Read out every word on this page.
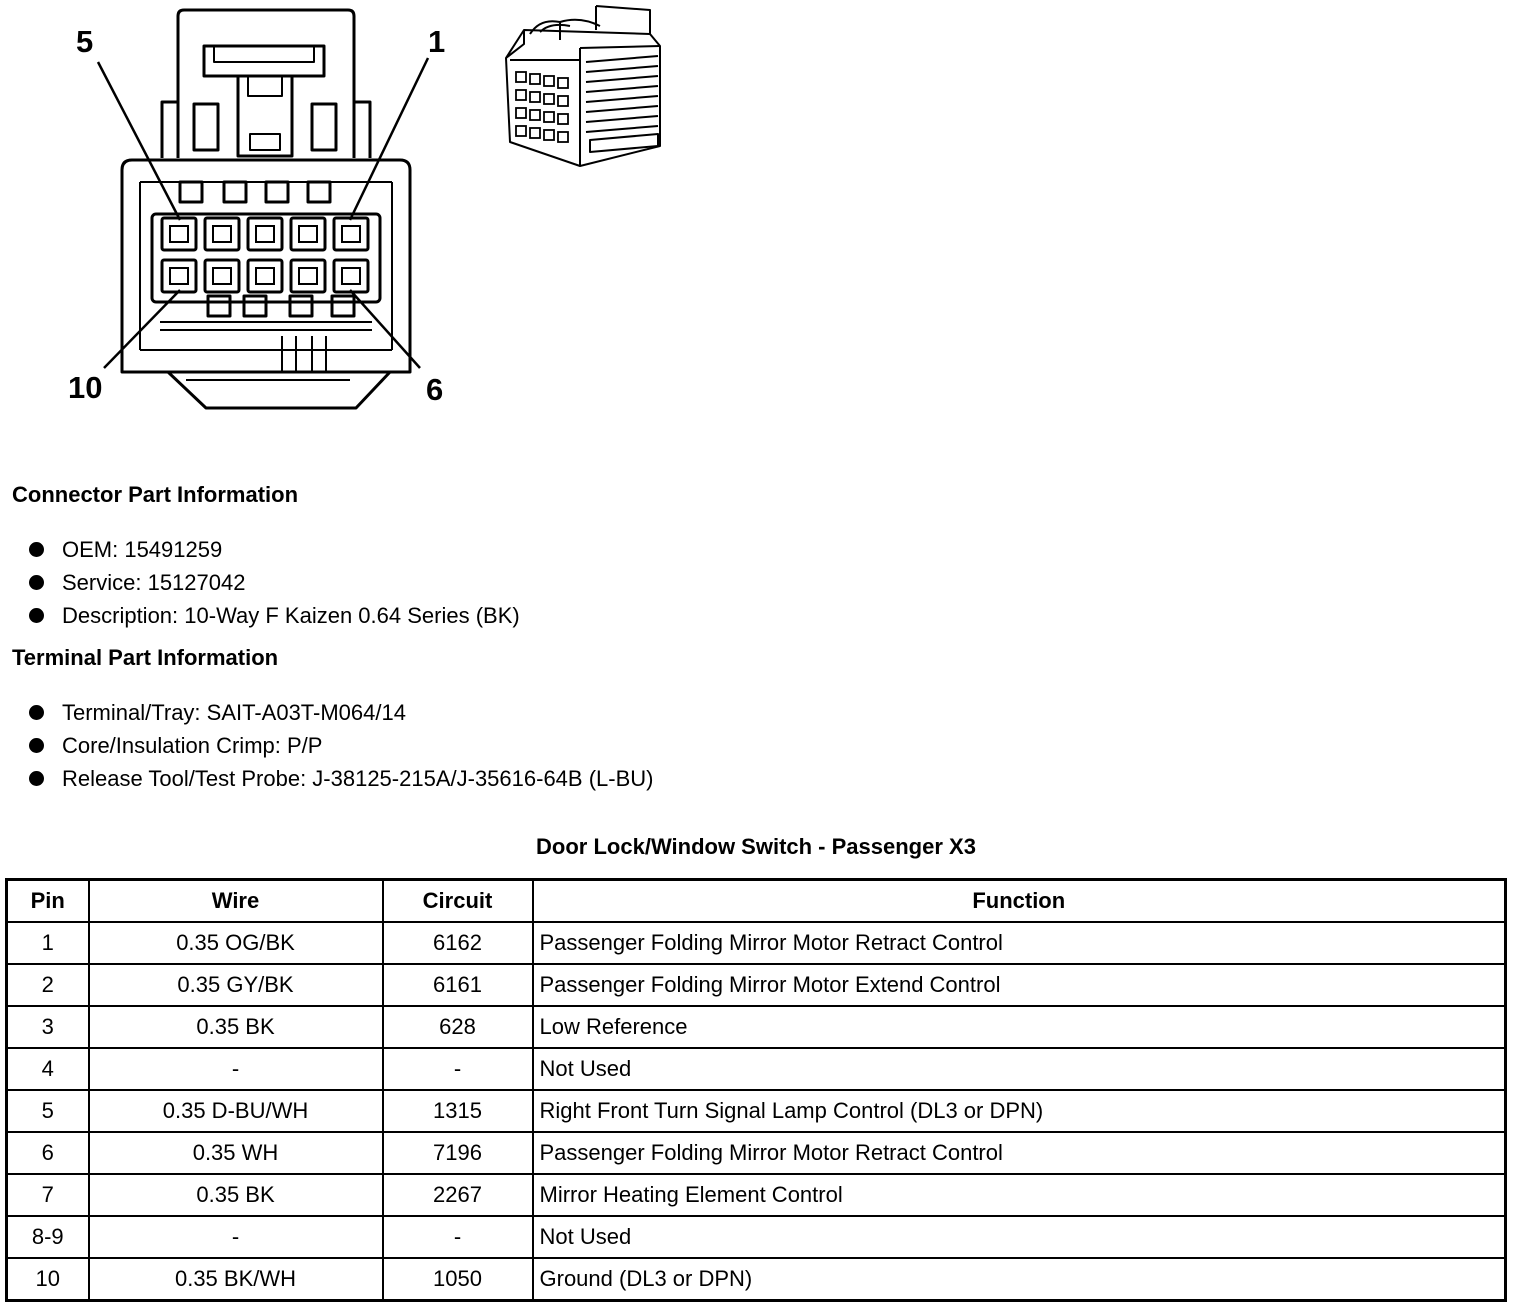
5	1
10	6
Connector Part Information
OEM: 15491259
Service: 15127042
Description: 10-Way F Kaizen 0.64 Series (BK)
Terminal Part Information
Terminal/Tray: SAIT-A03T-M064/14
Core/Insulation Crimp: P/P
Release Tool/Test Probe: J-38125-215A/J-35616-64B (L-BU)
Door Lock/Window Switch - Passenger X3
Pin	Wire	Circuit	Function
1	0.35 OG/BK	6162	Passenger Folding Mirror Motor Retract Control
2	0.35 GY/BK	6161	Passenger Folding Mirror Motor Extend Control
3	0.35 BK	628	Low Reference
4	-	-	Not Used
5	0.35 D-BU/WH	1315	Right Front Turn Signal Lamp Control (DL3 or DPN)
6	0.35 WH	7196	Passenger Folding Mirror Motor Retract Control
7	0.35 BK	2267	Mirror Heating Element Control
8-9	-	-	Not Used
10	0.35 BK/WH	1050	Ground (DL3 or DPN)
